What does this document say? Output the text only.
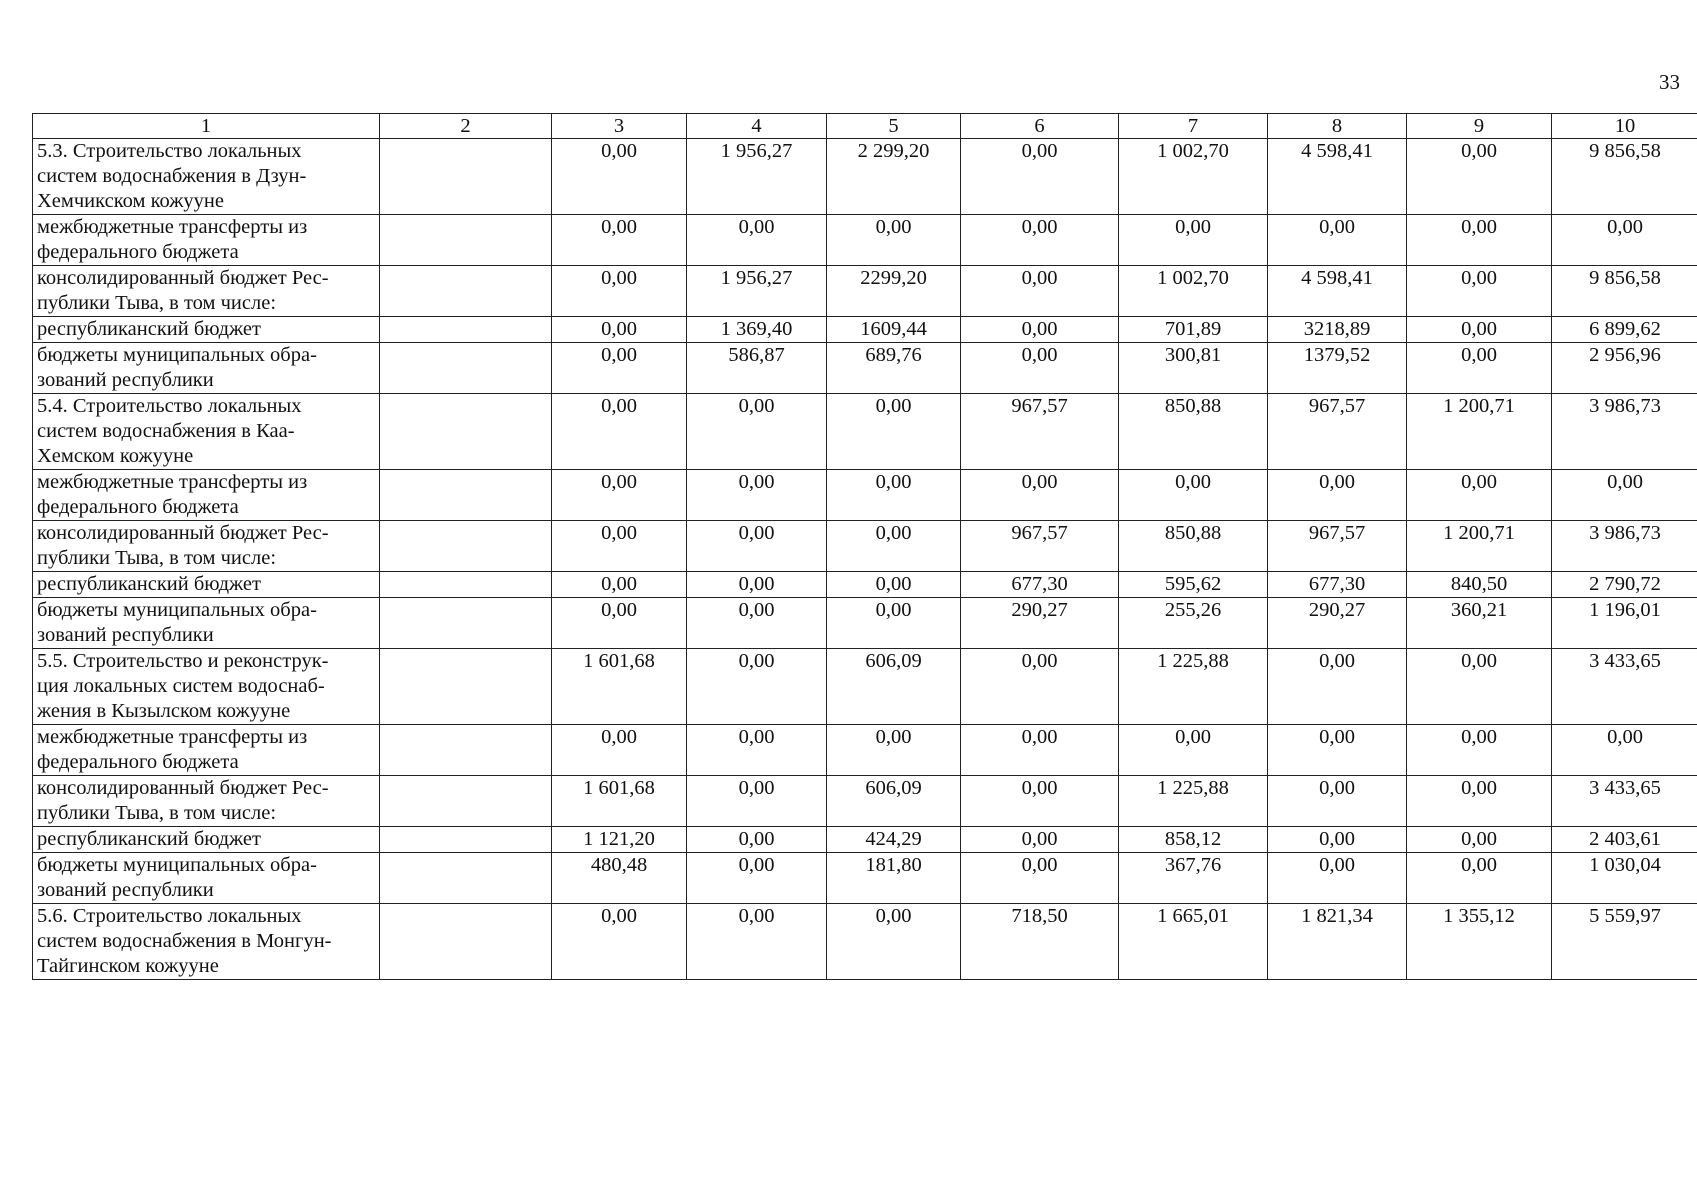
33
1	2	3	4	5	6	7	8	9	10

5.3. Строительство локальных
систем водоснабжения в Дзун-
Хемчикском кожууне		0,00	1 956,27	2 299,20	0,00	1 002,70	4 598,41	0,00	9 856,58

межбюджетные трансферты из
федерального бюджета		0,00	0,00	0,00	0,00	0,00	0,00	0,00	0,00

консолидированный бюджет Рес-
публики Тыва, в том числе:		0,00	1 956,27	2299,20	0,00	1 002,70	4 598,41	0,00	9 856,58

республиканский бюджет		0,00	1 369,40	1609,44	0,00	701,89	3218,89	0,00	6 899,62

бюджеты муниципальных обра-
зований республики		0,00	586,87	689,76	0,00	300,81	1379,52	0,00	2 956,96

5.4. Строительство локальных
систем водоснабжения в Каа-
Хемском кожууне		0,00	0,00	0,00	967,57	850,88	967,57	1 200,71	3 986,73

межбюджетные трансферты из
федерального бюджета		0,00	0,00	0,00	0,00	0,00	0,00	0,00	0,00

консолидированный бюджет Рес-
публики Тыва, в том числе:		0,00	0,00	0,00	967,57	850,88	967,57	1 200,71	3 986,73

республиканский бюджет		0,00	0,00	0,00	677,30	595,62	677,30	840,50	2 790,72

бюджеты муниципальных обра-
зований республики		0,00	0,00	0,00	290,27	255,26	290,27	360,21	1 196,01

5.5. Строительство и реконструк-
ция локальных систем водоснаб-
жения в Кызылском кожууне		1 601,68	0,00	606,09	0,00	1 225,88	0,00	0,00	3 433,65

межбюджетные трансферты из
федерального бюджета		0,00	0,00	0,00	0,00	0,00	0,00	0,00	0,00

консолидированный бюджет Рес-
публики Тыва, в том числе:		1 601,68	0,00	606,09	0,00	1 225,88	0,00	0,00	3 433,65

республиканский бюджет		1 121,20	0,00	424,29	0,00	858,12	0,00	0,00	2 403,61

бюджеты муниципальных обра-
зований республики		480,48	0,00	181,80	0,00	367,76	0,00	0,00	1 030,04

5.6. Строительство локальных
систем водоснабжения в Монгун-
Тайгинском кожууне		0,00	0,00	0,00	718,50	1 665,01	1 821,34	1 355,12	5 559,97
